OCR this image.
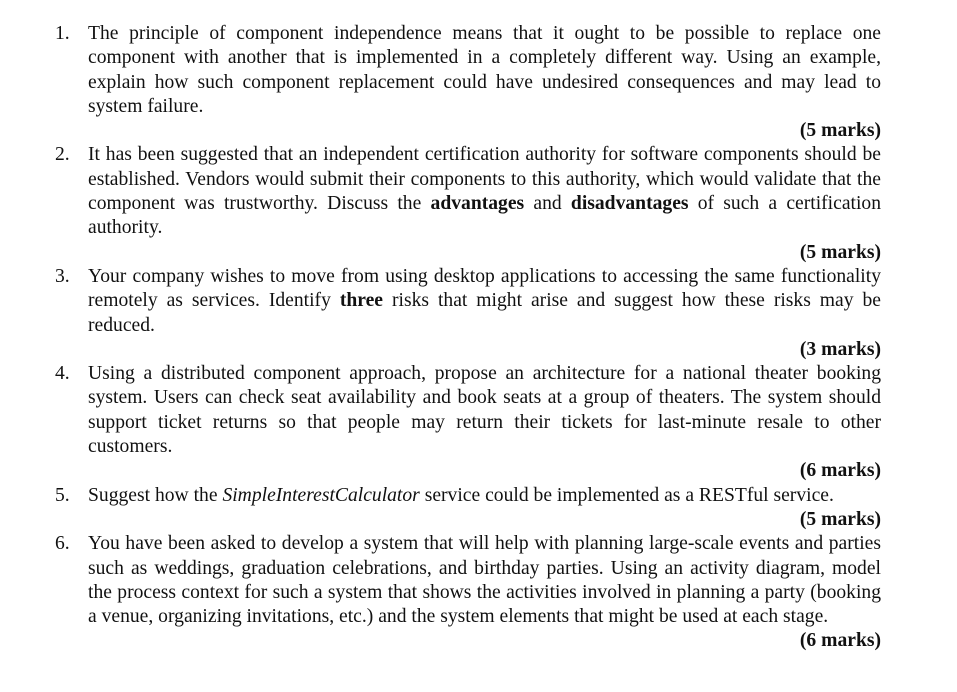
1. The principle of component independence means that it ought to be possible to replace one component with another that is implemented in a completely different way. Using an example, explain how such component replacement could have undesired consequences and may lead to system failure.
(5 marks)
2. It has been suggested that an independent certification authority for software components should be established. Vendors would submit their components to this authority, which would validate that the component was trustworthy. Discuss the advantages and disadvantages of such a certification authority.
(5 marks)
3. Your company wishes to move from using desktop applications to accessing the same functionality remotely as services. Identify three risks that might arise and suggest how these risks may be reduced.
(3 marks)
4. Using a distributed component approach, propose an architecture for a national theater booking system. Users can check seat availability and book seats at a group of theaters. The system should support ticket returns so that people may return their tickets for last-minute resale to other customers.
(6 marks)
5. Suggest how the SimpleInterestCalculator service could be implemented as a RESTful service.
(5 marks)
6. You have been asked to develop a system that will help with planning large-scale events and parties such as weddings, graduation celebrations, and birthday parties. Using an activity diagram, model the process context for such a system that shows the activities involved in planning a party (booking a venue, organizing invitations, etc.) and the system elements that might be used at each stage.
(6 marks)
